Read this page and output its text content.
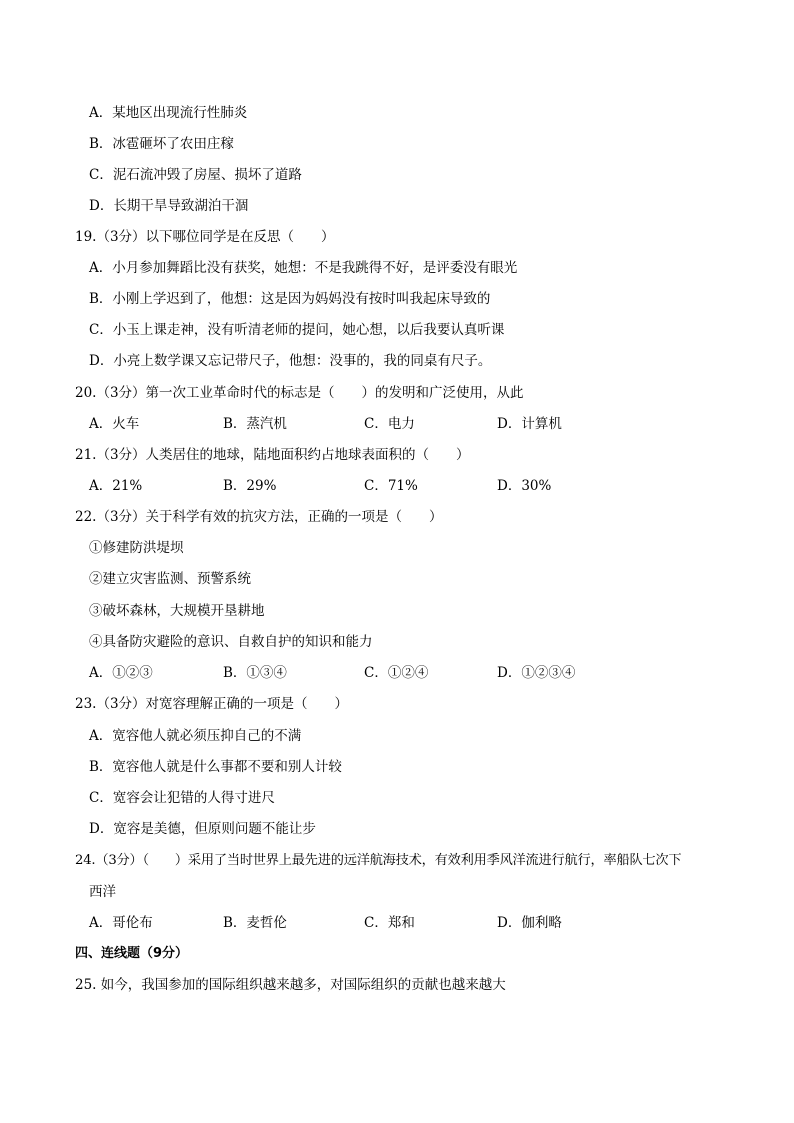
A．某地区出现流行性肺炎
B．冰雹砸坏了农田庄稼
C．泥石流冲毁了房屋、损坏了道路
D．长期干旱导致湖泊干涸
19.（3分）以下哪位同学是在反思（　　）
A．小月参加舞蹈比没有获奖，她想：不是我跳得不好，是评委没有眼光
B．小刚上学迟到了，他想：这是因为妈妈没有按时叫我起床导致的
C．小玉上课走神，没有听清老师的提问，她心想，以后我要认真听课
D．小亮上数学课又忘记带尺子，他想：没事的，我的同桌有尺子。
20.（3分）第一次工业革命时代的标志是（　　）的发明和广泛使用，从此
A．火车	B．蒸汽机	C．电力	D．计算机
21.（3分）人类居住的地球，陆地面积约占地球表面积的（　　）
A．21%	B．29%	C．71%	D．30%
22.（3分）关于科学有效的抗灾方法，正确的一项是（　　）
①修建防洪堤坝
②建立灾害监测、预警系统
③破坏森林，大规模开垦耕地
④具备防灾避险的意识、自救自护的知识和能力
A．①②③	B．①③④	C．①②④	D．①②③④
23.（3分）对宽容理解正确的一项是（　　）
A．宽容他人就必须压抑自己的不满
B．宽容他人就是什么事都不要和别人计较
C．宽容会让犯错的人得寸进尺
D．宽容是美德，但原则问题不能让步
24.（3分）（　　）采用了当时世界上最先进的远洋航海技术，有效利用季风洋流进行航行，率船队七次下
西洋
A．哥伦布	B．麦哲伦	C．郑和	D．伽利略
四、连线题（9分）
25. 如今，我国参加的国际组织越来越多，对国际组织的贡献也越来越大
